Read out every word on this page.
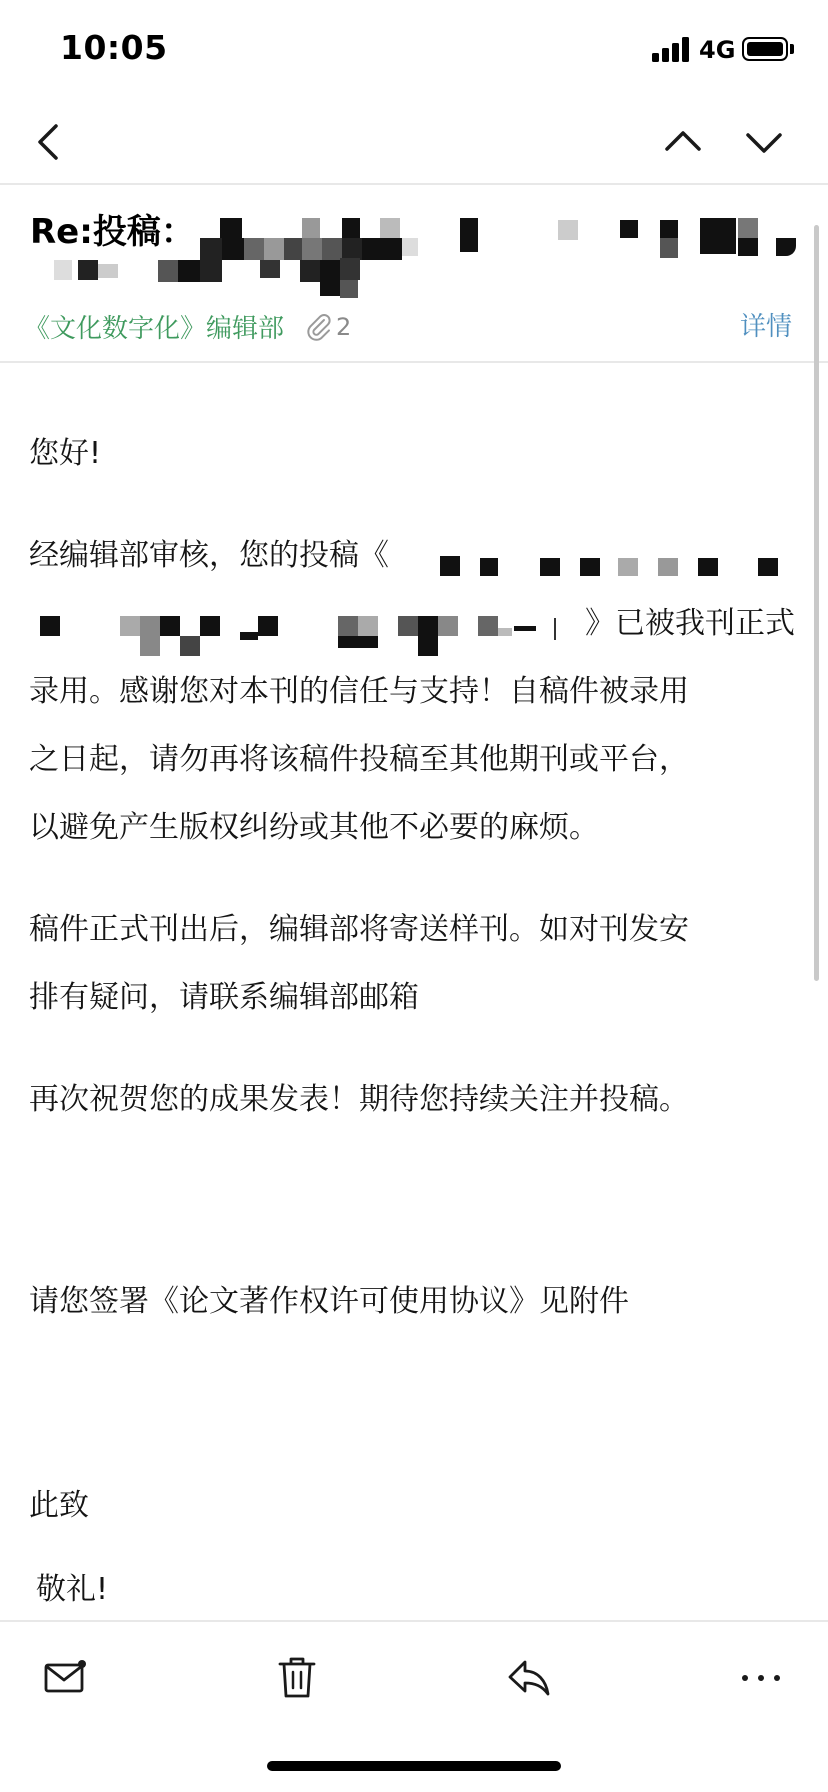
10:05	4G
Re:投稿：
《文化数字化》编辑部 2	详情
您好!
经编辑部审核，您的投稿《
》已被我刊正式
录用。感谢您对本刊的信任与支持！自稿件被录用
之日起，请勿再将该稿件投稿至其他期刊或平台，
以避免产生版权纠纷或其他不必要的麻烦。
稿件正式刊出后，编辑部将寄送样刊。如对刊发安
排有疑问，请联系编辑部邮箱
再次祝贺您的成果发表！期待您持续关注并投稿。
请您签署《论文著作权许可使用协议》见附件
此致
敬礼!
